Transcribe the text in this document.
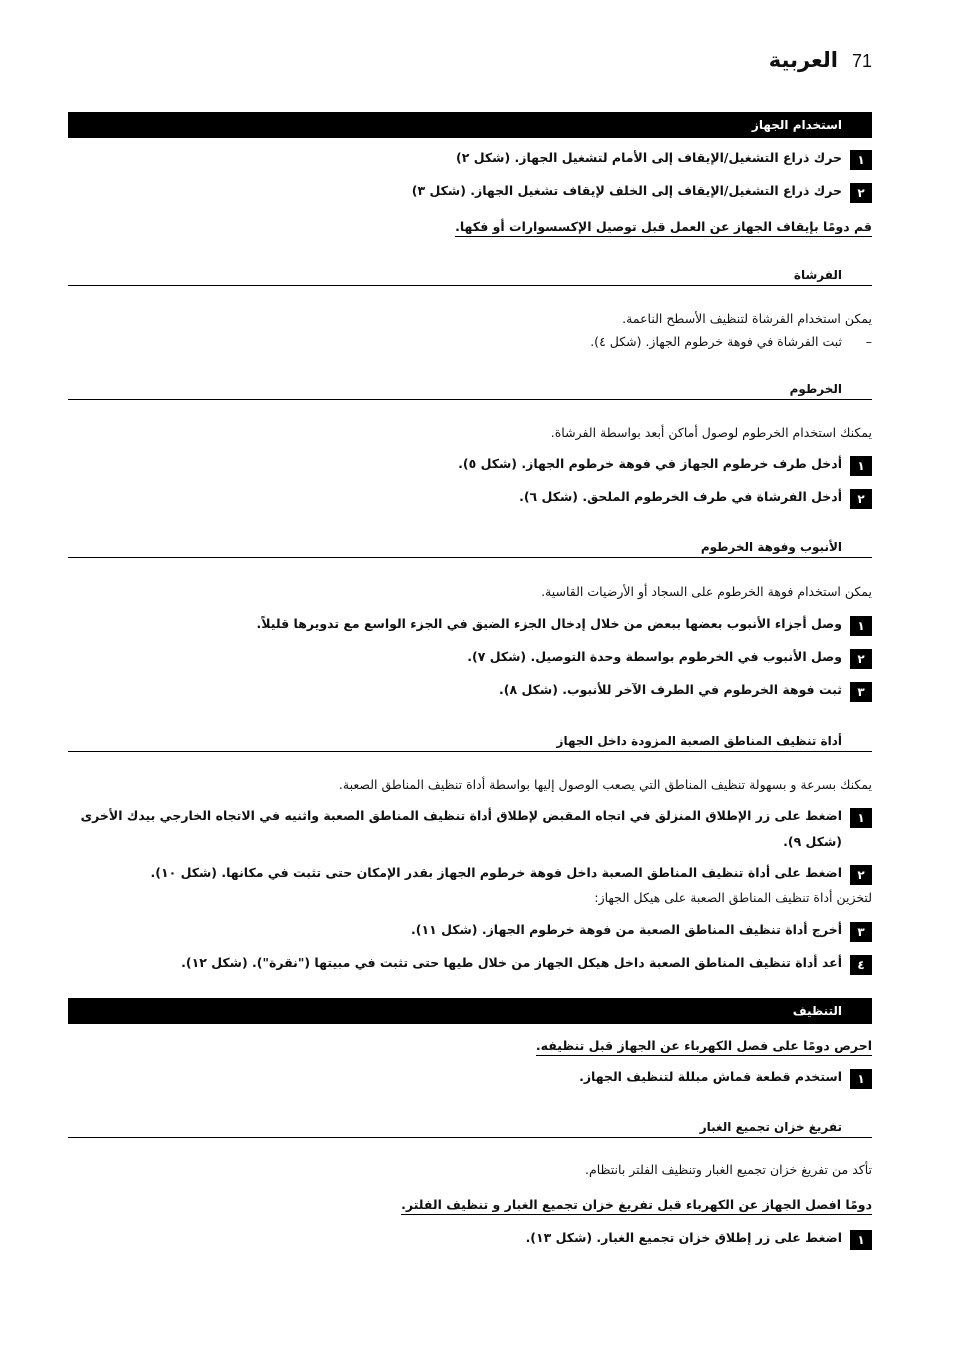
71
العربية
استخدام الجهاز
١
حرك ذراع التشغيل/الإيقاف إلى الأمام لتشغيل الجهاز. (شكل ٢)
٢
حرك ذراع التشغيل/الإيقاف إلى الخلف لإيقاف تشغيل الجهاز. (شكل ٣)
قم دومًا بإيقاف الجهاز عن العمل قبل توصيل الإكسسوارات أو فكها.
الفرشاة
يمكن استخدام الفرشاة لتنظيف الأسطح الناعمة.
–ثبت الفرشاة في فوهة خرطوم الجهاز. (شكل ٤).
الخرطوم
يمكنك استخدام الخرطوم لوصول أماكن أبعد بواسطة الفرشاة.
١
أدخل طرف خرطوم الجهاز في فوهة خرطوم الجهاز. (شكل ٥).
٢
أدخل الفرشاة في طرف الخرطوم الملحق. (شكل ٦).
الأنبوب وفوهة الخرطوم
يمكن استخدام فوهة الخرطوم على السجاد أو الأرضيات القاسية.
١
وصل أجزاء الأنبوب بعضها ببعض من خلال إدخال الجزء الضيق في الجزء الواسع مع تدويرها قليلاً.
٢
وصل الأنبوب في الخرطوم بواسطة وحدة التوصيل. (شكل ٧).
٣
ثبت فوهة الخرطوم في الطرف الآخر للأنبوب. (شكل ٨).
أداة تنظيف المناطق الصعبة المزودة داخل الجهاز
يمكنك بسرعة و بسهولة تنظيف المناطق التي يصعب الوصول إليها بواسطة أداة تنظيف المناطق الصعبة.
١
اضغط على زر الإطلاق المنزلق في اتجاه المقبض لإطلاق أداة تنظيف المناطق الصعبة واثنيه في الاتجاه الخارجي بيدك الأخرى
(شكل ٩).
٢
اضغط على أداة تنظيف المناطق الصعبة داخل فوهة خرطوم الجهاز بقدر الإمكان حتى تثبت في مكانها. (شكل ١٠).
لتخزين أداة تنظيف المناطق الصعبة على هيكل الجهاز:
٣
أخرج أداة تنظيف المناطق الصعبة من فوهة خرطوم الجهاز. (شكل ١١).
٤
أعد أداة تنظيف المناطق الصعبة داخل هيكل الجهاز من خلال طيها حتى تثبت في مبيتها ("نقرة"). (شكل ١٢).
التنظيف
احرص دومًا على فصل الكهرباء عن الجهاز قبل تنظيفه.
١
استخدم قطعة قماش مبللة لتنظيف الجهاز.
تفريغ خزان تجميع الغبار
تأكد من تفريغ خزان تجميع الغبار وتنظيف الفلتر بانتظام.
دومًا افصل الجهاز عن الكهرباء قبل تفريغ خزان تجميع الغبار و تنظيف الفلتر.
١
اضغط على زر إطلاق خزان تجميع الغبار. (شكل ١٣).
